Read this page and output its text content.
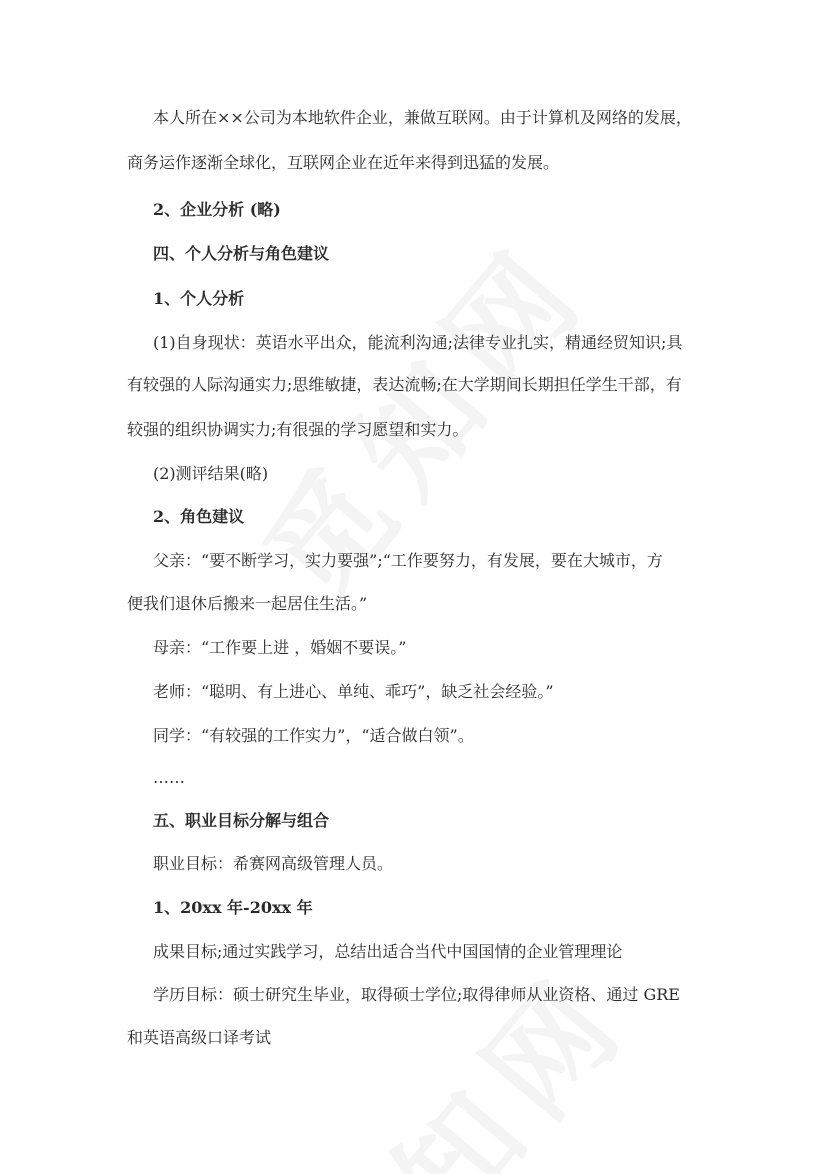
本人所在××公司为本地软件企业，兼做互联网。由于计算机及网络的发展，
商务运作逐渐全球化，互联网企业在近年来得到迅猛的发展。
2、企业分析 (略)
四、个人分析与角色建议
1、个人分析
(1)自身现状：英语水平出众，能流利沟通;法律专业扎实，精通经贸知识;具
有较强的人际沟通实力;思维敏捷，表达流畅;在大学期间长期担任学生干部，有
较强的组织协调实力;有很强的学习愿望和实力。
(2)测评结果(略)
2、角色建议
父亲：“要不断学习，实力要强”;“工作要努力，有发展，要在大城市，方
便我们退休后搬来一起居住生活。”
母亲：“工作要上进 ，婚姻不要误。”
老师：“聪明、有上进心、单纯、乖巧”，缺乏社会经验。”
同学：“有较强的工作实力”，“适合做白领”。
……
五、职业目标分解与组合
职业目标：希赛网高级管理人员。
1、20xx 年-20xx 年
成果目标;通过实践学习，总结出适合当代中国国情的企业管理理论
学历目标：硕士研究生毕业，取得硕士学位;取得律师从业资格、通过 GRE
和英语高级口译考试
